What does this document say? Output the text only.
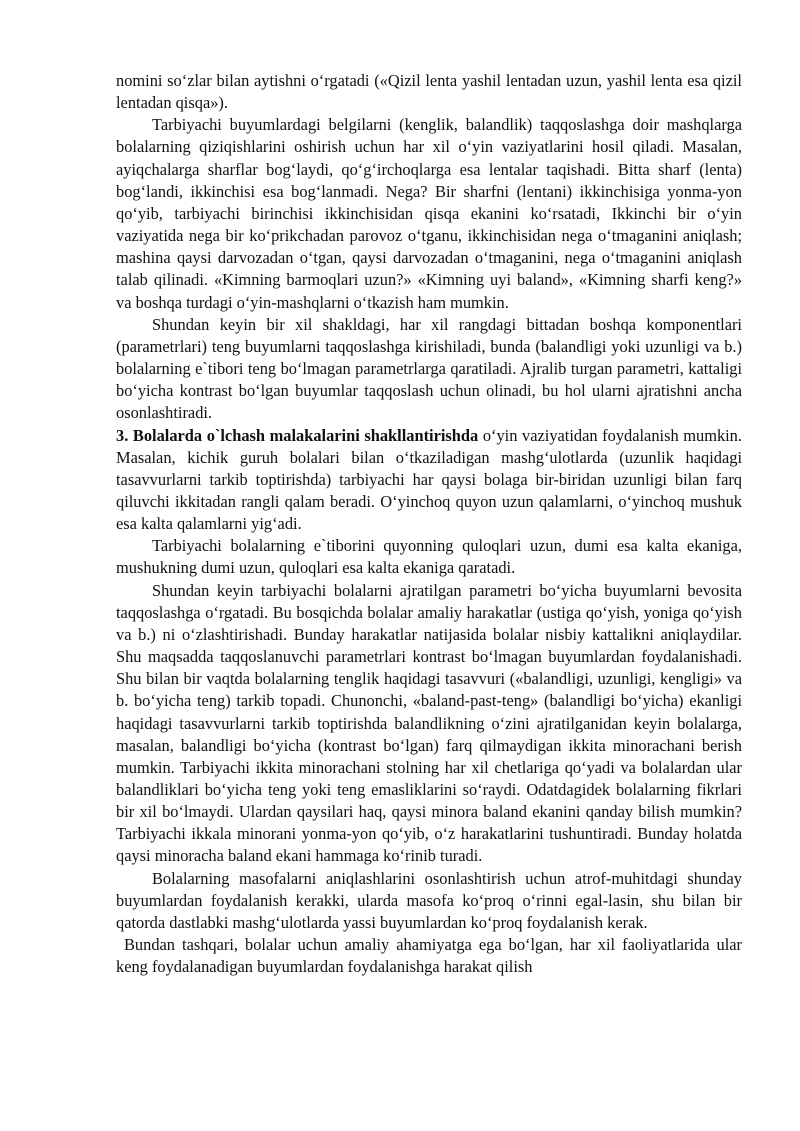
nomini so‘zlar bilan aytishni o‘rgatadi («Qizil lenta yashil lentadan uzun, yashil lenta esa qizil lentadan qisqa»).

Tarbiyachi buyumlardagi belgilarni (kenglik, balandlik) taqqoslashga doir mashqlarga bolalarning qiziqishlarini oshirish uchun har xil o‘yin vaziyatlarini hosil qiladi. Masalan, ayiqchalarga sharflar bog‘laydi, qo‘g‘irchoqlarga esa lentalar taqishadi. Bitta sharf (lenta) bog‘landi, ikkinchisi esa bog‘lanmadi. Nega? Bir sharfni (lentani) ikkinchisiga yonma-yon qo‘yib, tarbiyachi birinchisi ikkinchisidan qisqa ekanini ko‘rsatadi, Ikkinchi bir o‘yin vaziyatida nega bir ko‘prikchadan parovoz o‘tganu, ikkinchisidan nega o‘tmaganini aniqlash; mashina qaysi darvozadan o‘tgan, qaysi darvozadan o‘tmaganini, nega o‘tmaganini aniqlash talab qilinadi. «Kimning barmoqlari uzun?» «Kimning uyi baland», «Kimning sharfi keng?» va boshqa turdagi o‘yin-mashqlarni o‘tkazish ham mumkin.

Shundan keyin bir xil shakldagi, har xil rangdagi bittadan boshqa komponentlari (parametrlari) teng buyumlarni taqqoslashga kirishiladi, bunda (balandligi yoki uzunligi va b.) bolalarning e`tibori teng bo‘lmagan parametrlarga qaratiladi. Ajralib turgan parametri, kattaligi bo‘yicha kontrast bo‘lgan buyumlar taqqoslash uchun olinadi, bu hol ularni ajratishni ancha osonlashtiradi.

3. Bolalarda o`lchash malakalarini shakllantirishda o‘yin vaziyatidan foydalanish mumkin. Masalan, kichik guruh bolalari bilan o‘tkaziladigan mashg‘ulotlarda (uzunlik haqidagi tasavvurlarni tarkib toptirishda) tarbiyachi har qaysi bolaga bir-biridan uzunligi bilan farq qiluvchi ikkitadan rangli qalam beradi. O‘yinchoq quyon uzun qalamlarni, o‘yinchoq mushuk esa kalta qalamlarni yig‘adi.

Tarbiyachi bolalarning e`tiborini quyonning quloqlari uzun, dumi esa kalta ekaniga, mushukning dumi uzun, quloqlari esa kalta ekaniga qaratadi.

Shundan keyin tarbiyachi bolalarni ajratilgan parametri bo‘yicha buyumlarni bevosita taqqoslashga o‘rgatadi. Bu bosqichda bolalar amaliy harakatlar (ustiga qo‘yish, yoniga qo‘yish va b.) ni o‘zlashtirishadi. Bunday harakatlar natijasida bolalar nisbiy kattalikni aniqlaydilar. Shu maqsadda taqqoslanuvchi parametrlari kontrast bo‘lmagan buyumlardan foydalanishadi. Shu bilan bir vaqtda bolalarning tenglik haqidagi tasavvuri («balandligi, uzunligi, kengligi» va b. bo‘yicha teng) tarkib topadi. Chunonchi, «baland-past-teng» (balandligi bo‘yicha) ekanligi haqidagi tasavvurlarni tarkib toptirishda balandlikning o‘zini ajratilganidan keyin bolalarga, masalan, balandligi bo‘yicha (kontrast bo‘lgan) farq qilmaydigan ikkita minorachani berish mumkin. Tarbiyachi ikkita minorachani stolning har xil chetlariga qo‘yadi va bolalardan ular balandliklari bo‘yicha teng yoki teng emasliklarini so‘raydi. Odatdagidek bolalarning fikrlari bir xil bo‘lmaydi. Ulardan qaysilari haq, qaysi minora baland ekanini qanday bilish mumkin? Tarbiyachi ikkala minorani yonma-yon qo‘yib, o‘z harakatlarini tushuntiradi. Bunday holatda qaysi minoracha baland ekani hammaga ko‘rinib turadi.

Bolalarning masofalarni aniqlashlarini osonlashtirish uchun atrof-muhitdagi shunday buyumlardan foydalanish kerakki, ularda masofa ko‘proq o‘rinni egal-lasin, shu bilan bir qatorda dastlabki mashg‘ulotlarda yassi buyumlardan ko‘proq foydalanish kerak.

Bundan tashqari, bolalar uchun amaliy ahamiyatga ega bo‘lgan, har xil faoliyatlarida ular keng foydalanadigan buyumlardan foydalanishga harakat qilish
